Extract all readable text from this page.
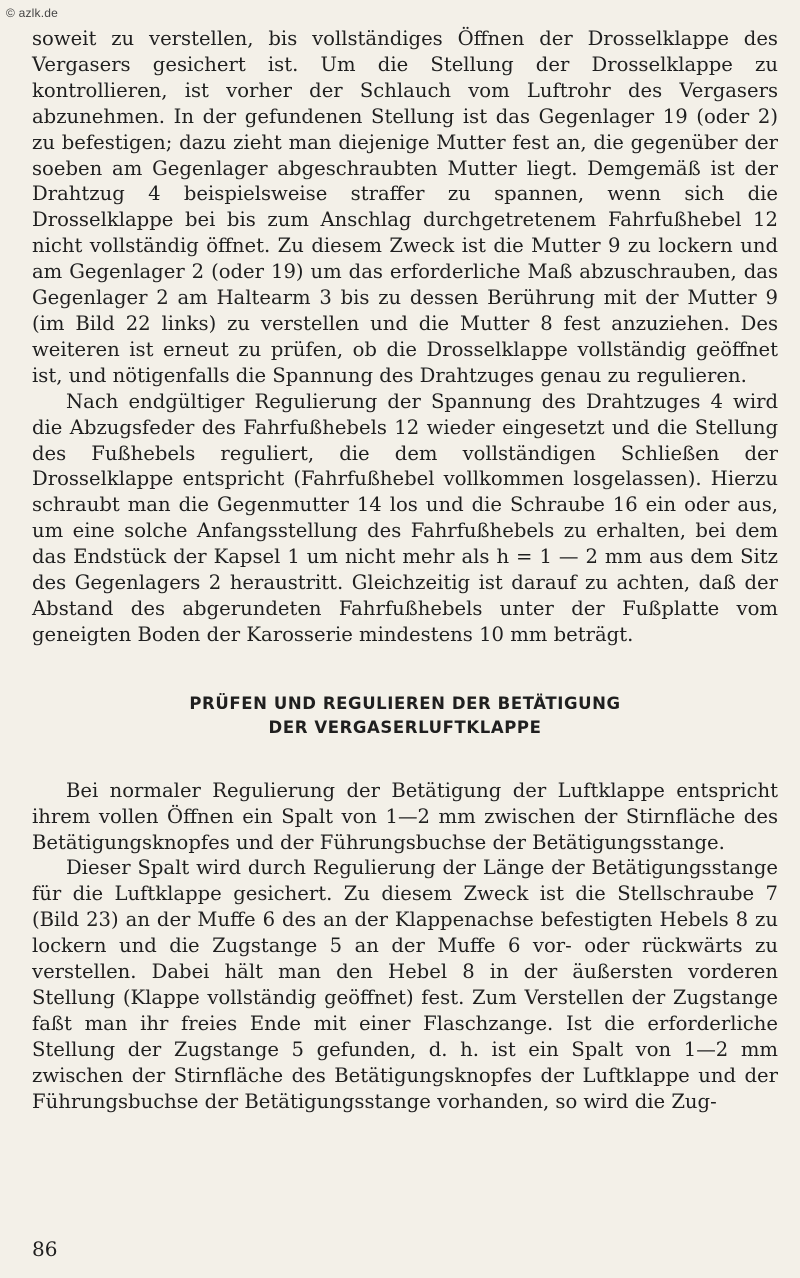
© azlk.de

soweit zu verstellen, bis vollständiges Öffnen der Drosselklappe des Vergasers gesichert ist. Um die Stellung der Drosselklappe zu kontrollieren, ist vorher der Schlauch vom Luftrohr des Vergasers abzunehmen. In der gefundenen Stellung ist das Gegenlager 19 (oder 2) zu befestigen; dazu zieht man diejenige Mutter fest an, die gegenüber der soeben am Gegenlager abgeschraubten Mutter liegt. Demgemäß ist der Drahtzug 4 beispielsweise straffer zu spannen, wenn sich die Drosselklappe bei bis zum Anschlag durchgetretenem Fahrfußhebel 12 nicht vollständig öffnet. Zu diesem Zweck ist die Mutter 9 zu lockern und am Gegenlager 2 (oder 19) um das erforderliche Maß abzuschrauben, das Gegenlager 2 am Haltearm 3 bis zu dessen Berührung mit der Mutter 9 (im Bild 22 links) zu verstellen und die Mutter 8 fest anzuziehen. Des weiteren ist erneut zu prüfen, ob die Drosselklappe vollständig geöffnet ist, und nötigenfalls die Spannung des Drahtzuges genau zu regulieren.

Nach endgültiger Regulierung der Spannung des Drahtzuges 4 wird die Abzugsfeder des Fahrfußhebels 12 wieder eingesetzt und die Stellung des Fußhebels reguliert, die dem vollständigen Schließen der Drosselklappe entspricht (Fahrfußhebel vollkommen losgelassen). Hierzu schraubt man die Gegenmutter 14 los und die Schraube 16 ein oder aus, um eine solche Anfangsstellung des Fahrfußhebels zu erhalten, bei dem das Endstück der Kapsel 1 um nicht mehr als h = 1 — 2 mm aus dem Sitz des Gegenlagers 2 heraustritt. Gleichzeitig ist darauf zu achten, daß der Abstand des abgerundeten Fahrfußhebels unter der Fußplatte vom geneigten Boden der Karosserie mindestens 10 mm beträgt.

PRÜFEN UND REGULIEREN DER BETÄTIGUNG

DER VERGASERLUFTKLAPPE

Bei normaler Regulierung der Betätigung der Luftklappe entspricht ihrem vollen Öffnen ein Spalt von 1—2 mm zwischen der Stirnfläche des Betätigungsknopfes und der Führungsbuchse der Betätigungsstange.

Dieser Spalt wird durch Regulierung der Länge der Betätigungsstange für die Luftklappe gesichert. Zu diesem Zweck ist die Stellschraube 7 (Bild 23) an der Muffe 6 des an der Klappenachse befestigten Hebels 8 zu lockern und die Zugstange 5 an der Muffe 6 vor- oder rückwärts zu verstellen. Dabei hält man den Hebel 8 in der äußersten vorderen Stellung (Klappe vollständig geöffnet) fest. Zum Verstellen der Zugstange faßt man ihr freies Ende mit einer Flaschzange. Ist die erforderliche Stellung der Zugstange 5 gefunden, d. h. ist ein Spalt von 1—2 mm zwischen der Stirnfläche des Betätigungsknopfes der Luftklappe und der Führungsbuchse der Betätigungsstange vorhanden, so wird die Zug-

86
